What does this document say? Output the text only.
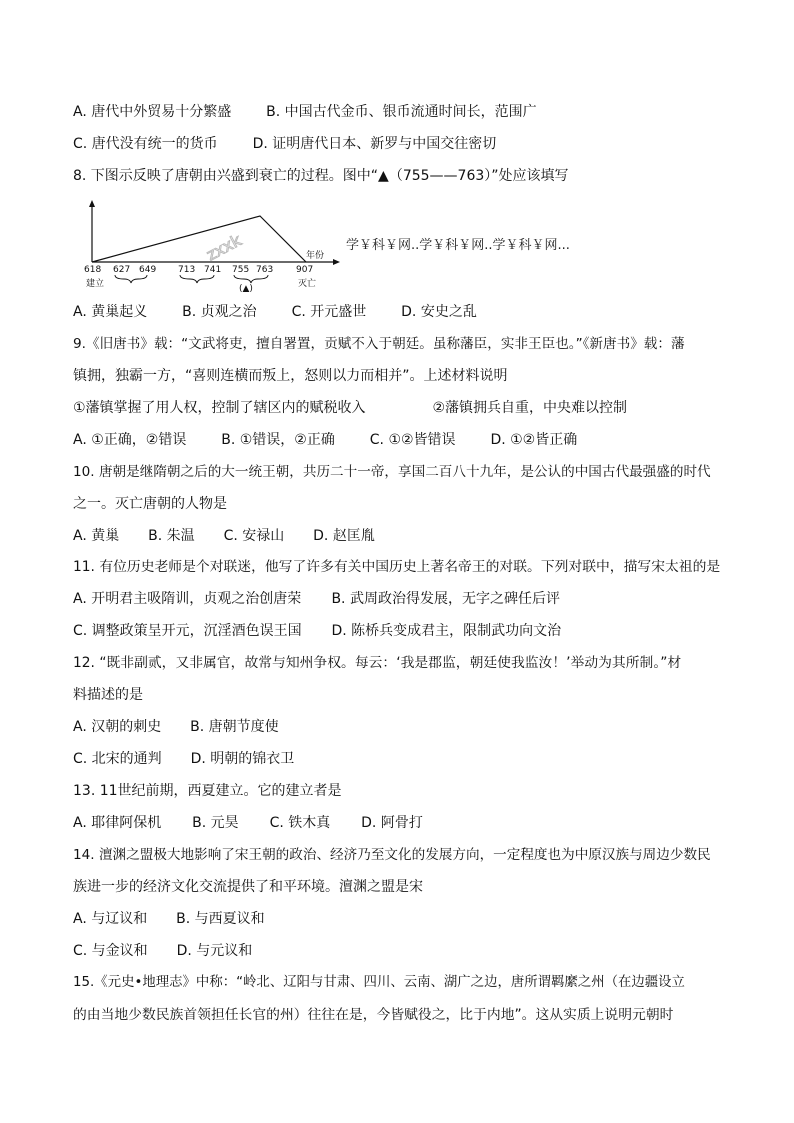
A. 唐代中外贸易十分繁盛 B. 中国古代金币、银币流通时间长，范围广
C. 唐代没有统一的货币 D. 证明唐代日本、新罗与中国交往密切
8. 下图示反映了唐朝由兴盛到衰亡的过程。图中“▲（755——763）”处应该填写
zxxk	年份
618 627 649 713 741 755 763	907
建立	(▲)	灭亡
学￥科￥网..学￥科￥网..学￥科￥网...
A. 黄巢起义 B. 贞观之治 C. 开元盛世 D. 安史之乱
9.《旧唐书》载：“文武将吏，擅自署置，贡赋不入于朝廷。虽称藩臣，实非王臣也。”《新唐书》载：藩
镇拥，独霸一方，“喜则连横而叛上，怒则以力而相并”。上述材料说明
①藩镇掌握了用人权，控制了辖区内的赋税收入	②藩镇拥兵自重，中央难以控制
A. ①正确，②错误 B. ①错误，②正确 C. ①②皆错误 D. ①②皆正确
10. 唐朝是继隋朝之后的大一统王朝，共历二十一帝，享国二百八十九年，是公认的中国古代最强盛的时代
之一。灭亡唐朝的人物是
A. 黄巢 B. 朱温 C. 安禄山 D. 赵匡胤
11. 有位历史老师是个对联迷，他写了许多有关中国历史上著名帝王的对联。下列对联中，描写宋太祖的是
A. 开明君主吸隋训，贞观之治创唐荣 B. 武周政治得发展，无字之碑任后评
C. 调整政策呈开元，沉淫酒色误王国 D. 陈桥兵变成君主，限制武功向文治
12. “既非副贰，又非属官，故常与知州争权。每云：‘我是郡监，朝廷使我监汝！’举动为其所制。”材
料描述的是
A. 汉朝的刺史 B. 唐朝节度使
C. 北宋的通判 D. 明朝的锦衣卫
13. 11世纪前期，西夏建立。它的建立者是
A. 耶律阿保机 B. 元昊 C. 铁木真 D. 阿骨打
14. 澶渊之盟极大地影响了宋王朝的政治、经济乃至文化的发展方向，一定程度也为中原汉族与周边少数民
族进一步的经济文化交流提供了和平环境。澶渊之盟是宋
A. 与辽议和 B. 与西夏议和
C. 与金议和 D. 与元议和
15.《元史•地理志》中称：“岭北、辽阳与甘肃、四川、云南、湖广之边，唐所谓羁縻之州（在边疆设立
的由当地少数民族首领担任长官的州）往往在是，今皆赋役之，比于内地”。这从实质上说明元朝时
